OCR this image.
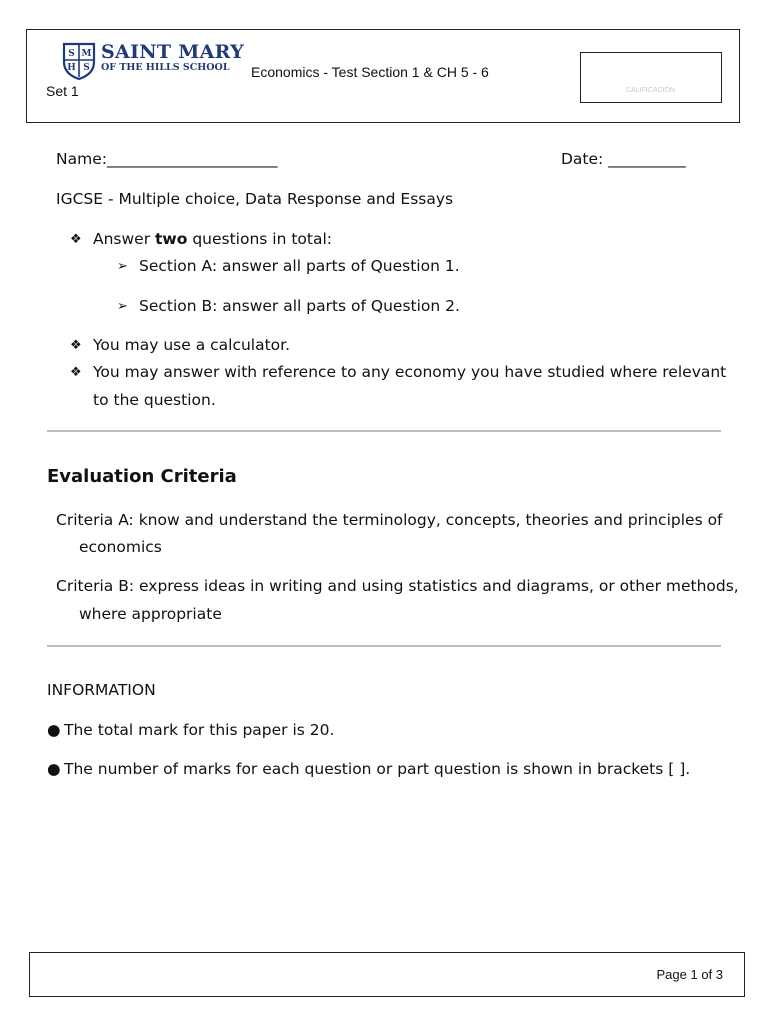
S M
H S
SAINT MARY
OF THE HILLS SCHOOL Economics - Test Section 1 & CH 5 - 6
Set 1	CALIFICACIÓN
Name:______________________	Date: __________
IGCSE - Multiple choice, Data Response and Essays
❖ Answer two questions in total:
➢ Section A: answer all parts of Question 1.
➢ Section B: answer all parts of Question 2.
❖ You may use a calculator.
❖ You may answer with reference to any economy you have studied where relevant
to the question.
Evaluation Criteria
Criteria A: know and understand the terminology, concepts, theories and principles of
economics
Criteria B: express ideas in writing and using statistics and diagrams, or other methods,
where appropriate
INFORMATION
● The total mark for this paper is 20.
● The number of marks for each question or part question is shown in brackets [ ].
Page 1 of 3
